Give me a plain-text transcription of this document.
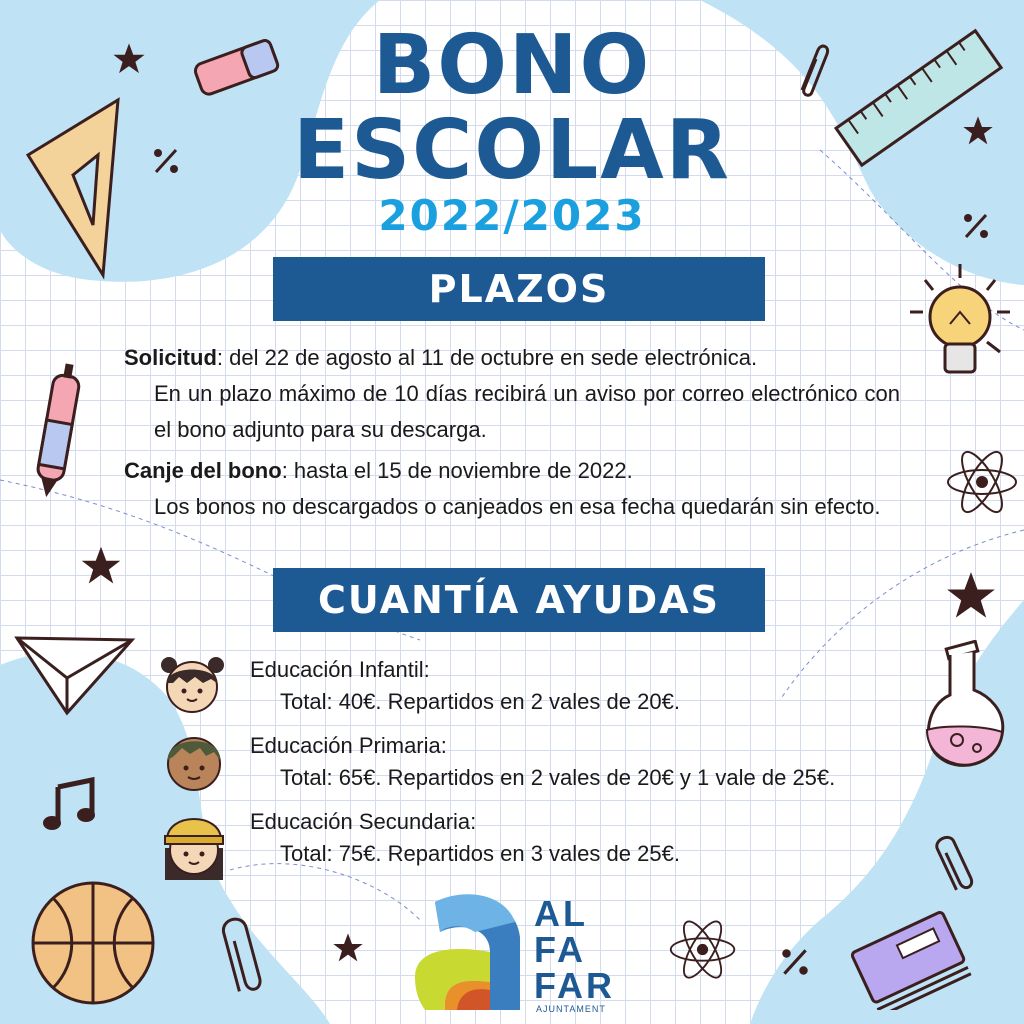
BONO
ESCOLAR
2022/2023
PLAZOS
Solicitud: del 22 de agosto al 11 de octubre en sede electrónica.
En un plazo máximo de 10 días recibirá un aviso por correo electrónico con el bono adjunto para su descarga.
Canje del bono: hasta el 15 de noviembre de 2022.
Los bonos no descargados o canjeados en esa fecha quedarán sin efecto.
CUANTÍA AYUDAS
Educación Infantil:
Total: 40€. Repartidos en 2 vales de 20€.
Educación Primaria:
Total: 65€. Repartidos en 2 vales de 20€ y 1 vale de 25€.
Educación Secundaria:
Total: 75€. Repartidos en 3 vales de 25€.
AL
FA
FAR
AJUNTAMENT
